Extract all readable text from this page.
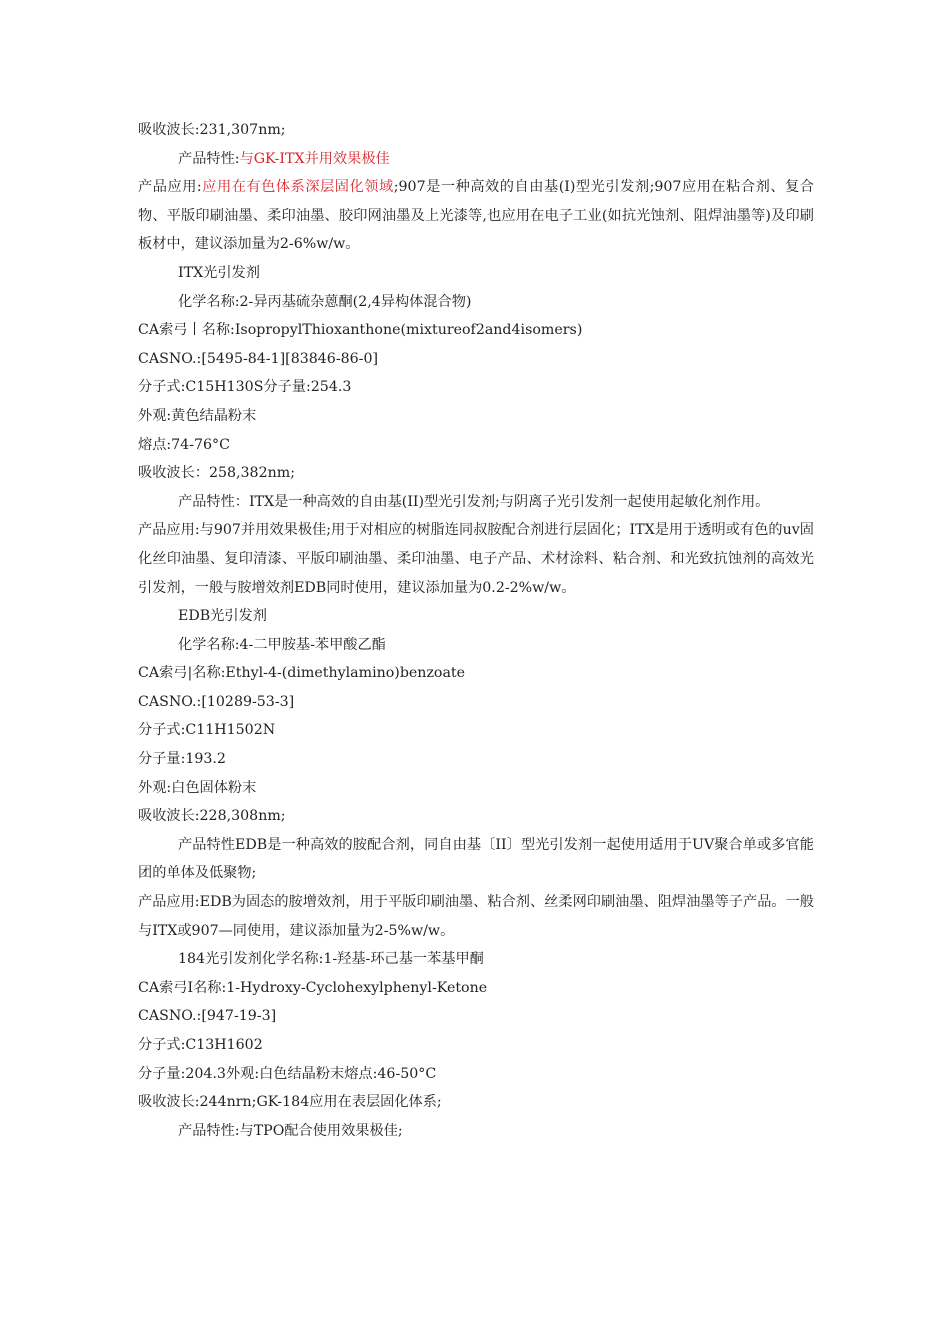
吸收波长:231,307nm;
产品特性:与GK-ITX并用效果极佳
产品应用:应用在有色体系深层固化领域;907是一种高效的自由基(I)型光引发剂;907应用在粘合剂、复合物、平版印刷油墨、柔印油墨、胶印网油墨及上光漆等,也应用在电子工业(如抗光蚀剂、阻焊油墨等)及印刷板材中，建议添加量为2-6%w/w。
ITX光引发剂
化学名称:2-异丙基硫杂蒽酮(2,4异构体混合物)
CA索弓丨名称:IsopropylThioxanthone(mixtureof2and4isomers)
CASNO.:[5495-84-1][83846-86-0]
分子式:C15H130S分子量:254.3
外观:黄色结晶粉末
熔点:74-76°C
吸收波长：258,382nm;
产品特性：ITX是一种高效的自由基(II)型光引发剂;与阴离子光引发剂一起使用起敏化剂作用。
产品应用:与907并用效果极佳;用于对相应的树脂连同叔胺配合剂进行层固化；ITX是用于透明或有色的uv固化丝印油墨、复印清漆、平版印刷油墨、柔印油墨、电子产品、术材涂料、粘合剂、和光致抗蚀剂的高效光引发剂，一般与胺增效剂EDB同时使用，建议添加量为0.2-2%w/w。
EDB光引发剂
化学名称:4-二甲胺基-苯甲酸乙酯
CA索弓|名称:Ethyl-4-(dimethylamino)benzoate
CASNO.:[10289-53-3]
分子式:C11H1502N
分子量:193.2
外观:白色固体粉末
吸收波长:228,308nm;
产品特性EDB是一种高效的胺配合剂，同自由基〔II〕型光引发剂一起使用适用于UV聚合单或多官能团的单体及低聚物;
产品应用:EDB为固态的胺增效剂，用于平版印刷油墨、粘合剂、丝柔网印刷油墨、阻焊油墨等子产品。一般与ITX或907—同使用，建议添加量为2-5%w/w。
184光引发剂化学名称:1-羟基-环己基一苯基甲酮
CA索弓I名称:1-Hydroxy-Cyclohexylphenyl-Ketone
CASNO.:[947-19-3]
分子式:C13H1602
分子量:204.3外观:白色结晶粉末熔点:46-50°C
吸收波长:244nrn;GK-184应用在表层固化体系;
产品特性:与TPO配合使用效果极佳;
